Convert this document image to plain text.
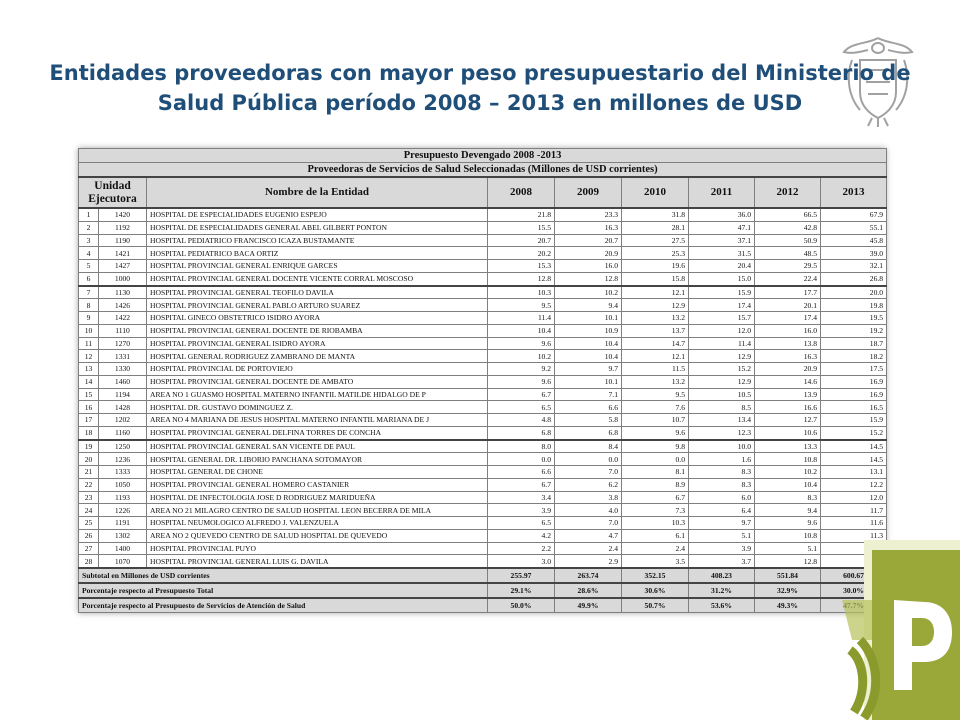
Entidades proveedoras con mayor peso presupuestario del Ministerio de
Salud Pública período 2008 – 2013 en millones de USD
Presupuesto Devengado 2008 -2013								
Proveedoras de Servicios de Salud Seleccionadas (Millones de USD corrientes)								
Unidad Ejecutora		Nombre de la Entidad	2008	2009	2010	2011	2012	2013
1	1420	HOSPITAL DE ESPECIALIDADES EUGENIO ESPEJO	21.8	23.3	31.8	36.0	66.5	67.9
2	1192	HOSPITAL DE ESPECIALIDADES GENERAL ABEL GILBERT PONTON	15.5	16.3	28.1	47.1	42.8	55.1
3	1190	HOSPITAL PEDIATRICO FRANCISCO ICAZA BUSTAMANTE	20.7	20.7	27.5	37.1	50.9	45.8
4	1421	HOSPITAL PEDIATRICO BACA ORTIZ	20.2	20.9	25.3	31.5	48.5	39.0
5	1427	HOSPITAL PROVINCIAL GENERAL ENRIQUE GARCES	15.3	16.0	19.6	20.4	29.5	32.1
6	1000	HOSPITAL PROVINCIAL GENERAL DOCENTE VICENTE CORRAL MOSCOSO	12.8	12.8	15.8	15.0	22.4	26.8
7	1130	HOSPITAL PROVINCIAL GENERAL TEOFILO DAVILA	10.3	10.2	12.1	15.9	17.7	20.0
8	1426	HOSPITAL PROVINCIAL GENERAL PABLO ARTURO SUAREZ	9.5	9.4	12.9	17.4	20.1	19.8
9	1422	HOSPITAL GINECO OBSTETRICO ISIDRO AYORA	11.4	10.1	13.2	15.7	17.4	19.5
10	1110	HOSPITAL PROVINCIAL GENERAL DOCENTE DE RIOBAMBA	10.4	10.9	13.7	12.0	16.0	19.2
11	1270	HOSPITAL PROVINCIAL GENERAL ISIDRO AYORA	9.6	10.4	14.7	11.4	13.8	18.7
12	1331	HOSPITAL GENERAL RODRIGUEZ ZAMBRANO DE MANTA	10.2	10.4	12.1	12.9	16.3	18.2
13	1330	HOSPITAL PROVINCIAL DE PORTOVIEJO	9.2	9.7	11.5	15.2	20.9	17.5
14	1460	HOSPITAL PROVINCIAL GENERAL DOCENTE DE AMBATO	9.6	10.1	13.2	12.9	14.6	16.9
15	1194	AREA NO 1 GUASMO HOSPITAL MATERNO INFANTIL MATILDE HIDALGO DE P	6.7	7.1	9.5	10.5	13.9	16.9
16	1428	HOSPITAL DR. GUSTAVO DOMINGUEZ Z.	6.5	6.6	7.6	8.5	16.6	16.5
17	1202	AREA NO 4 MARIANA DE JESUS HOSPITAL MATERNO INFANTIL MARIANA DE J	4.8	5.8	10.7	13.4	12.7	15.9
18	1160	HOSPITAL PROVINCIAL GENERAL DELFINA TORRES DE CONCHA	6.8	6.8	9.6	12.3	10.6	15.2
19	1250	HOSPITAL PROVINCIAL GENERAL SAN VICENTE DE PAUL	8.0	8.4	9.8	10.0	13.3	14.5
20	1236	HOSPITAL GENERAL DR. LIBORIO PANCHANA SOTOMAYOR	0.0	0.0	0.0	1.6	10.8	14.5
21	1333	HOSPITAL GENERAL DE CHONE	6.6	7.0	8.1	8.3	10.2	13.1
22	1050	HOSPITAL PROVINCIAL GENERAL HOMERO CASTANIER	6.7	6.2	8.9	8.3	10.4	12.2
23	1193	HOSPITAL DE INFECTOLOGIA JOSE D RODRIGUEZ MARIDUEÑA	3.4	3.8	6.7	6.0	8.3	12.0
24	1226	AREA NO 21 MILAGRO CENTRO DE SALUD HOSPITAL LEON BECERRA DE MILA	3.9	4.0	7.3	6.4	9.4	11.7
25	1191	HOSPITAL NEUMOLOGICO ALFREDO J. VALENZUELA	6.5	7.0	10.3	9.7	9.6	11.6
26	1302	AREA NO 2 QUEVEDO CENTRO DE SALUD HOSPITAL DE QUEVEDO	4.2	4.7	6.1	5.1	10.8	11.3
27	1400	HOSPITAL PROVINCIAL PUYO	2.2	2.4	2.4	3.9	5.1	
28	1070	HOSPITAL PROVINCIAL GENERAL LUIS G. DAVILA	3.0	2.9	3.5	3.7	12.8	
Subtotal en Millones de USD corrientes			255.97	263.74	352.15	408.23	551.84	600.67
Porcentaje respecto al Presupuesto Total			29.1%	28.6%	30.6%	31.2%	32.9%	30.0%
Porcentaje respecto al Presupuesto de Servicios de Atención de Salud			50.0%	49.9%	50.7%	53.6%	49.3%	
